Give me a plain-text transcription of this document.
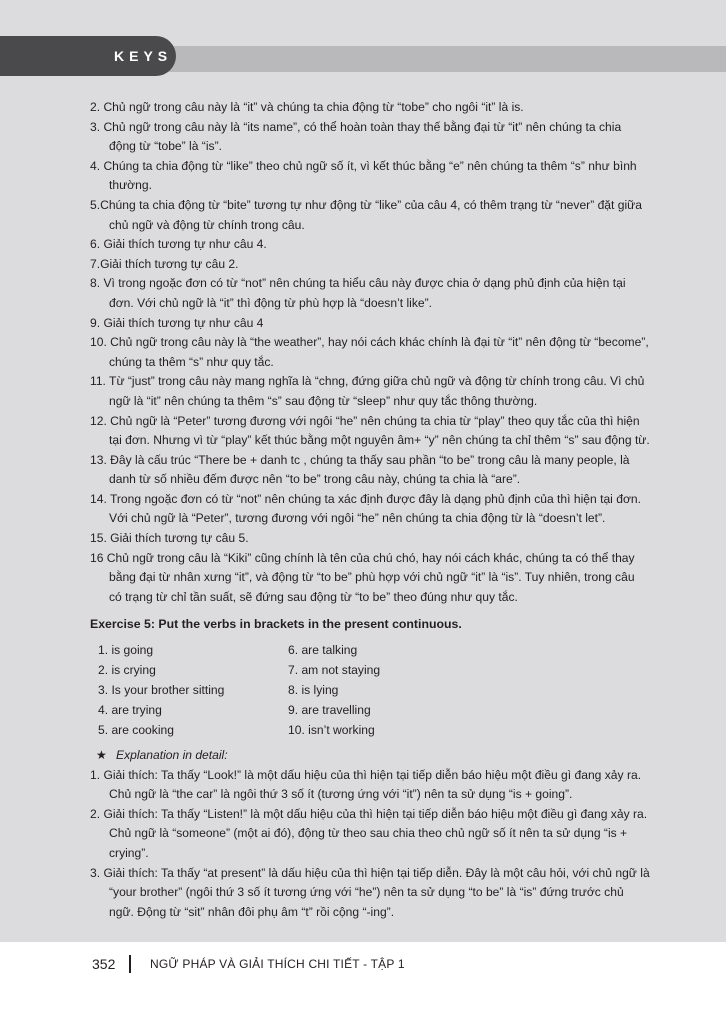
KEYS

2. Chủ ngữ trong câu này là “it” và chúng ta chia động từ “tobe” cho ngôi “it” là is.

3. Chủ ngữ trong câu này là “its name”, có thể hoàn toàn thay thế bằng đại từ “it” nên chúng ta chia động từ “tobe” là “is”.

4. Chúng ta chia động từ “like” theo chủ ngữ số ít, vì kết thúc bằng “e” nên chúng ta thêm “s” như bình thường.

5.Chúng ta chia động từ “bite” tương tự như động từ “like” của câu 4, có thêm trạng từ “never” đặt giữa chủ ngữ và động từ chính trong câu.

6. Giải thích tương tự như câu 4.

7.Giải thích tương tự câu 2.

8. Vì trong ngoặc đơn có từ “not” nên chúng ta hiểu câu này được chia ở dạng phủ định của hiện tại đơn. Với chủ ngữ là “it” thì động từ phù hợp là “doesn’t like”.

9. Giải thích tương tự như câu 4

10. Chủ ngữ trong câu này là “the weather”, hay nói cách khác chính là đại từ “it” nên động từ “become”, chúng ta thêm “s” như quy tắc.

11. Từ “just” trong câu này mang nghĩa là “chng, đứng giữa chủ ngữ và động từ chính trong câu. Vì chủ ngữ là “it” nên chúng ta thêm “s” sau động từ “sleep” như quy tắc thông thường.

12. Chủ ngữ là “Peter” tương đương với ngôi “he” nên chúng ta chia từ “play” theo quy tắc của thì hiện tại đơn. Nhưng vì từ “play” kết thúc bằng một nguyên âm+ “y” nên chúng ta chỉ thêm “s” sau động từ.

13. Đây là cấu trúc “There be + danh tc , chúng ta thấy sau phần “to be” trong câu là many people, là danh từ số nhiều đếm được nên “to be” trong câu này, chúng ta chia là “are”.

14. Trong ngoặc đơn có từ “not” nên chúng ta xác định được đây là dạng phủ định của thì hiện tại đơn. Với chủ ngữ là “Peter”, tương đương với ngôi “he” nên chúng ta chia động từ là “doesn’t let”.

15. Giải thích tương tự câu 5.

16 Chủ ngữ trong câu là “Kiki” cũng chính là tên của chú chó, hay nói cách khác, chúng ta có thể thay bằng đại từ nhân xưng “it”, và động từ “to be” phù hợp với chủ ngữ “it” là “is”. Tuy nhiên, trong câu có trạng từ chỉ tần suất, sẽ đứng sau động từ “to be” theo đúng như quy tắc.

Exercise 5: Put the verbs in brackets in the present continuous.
1. is going	6. are talking
2. is crying	7. am not staying
3. Is your brother sitting	8. is lying
4. are trying	9. are travelling
5. are cooking	10. isn’t working
★ Explanation in detail:

1. Giải thích: Ta thấy “Look!” là một dấu hiệu của thì hiện tại tiếp diễn báo hiệu một điều gì đang xảy ra. Chủ ngữ là “the car” là ngôi thứ 3 số ít (tương ứng với “it”) nên ta sử dụng “is + going”.

2. Giải thích: Ta thấy “Listen!” là một dấu hiệu của thì hiện tại tiếp diễn báo hiệu một điều gì đang xảy ra. Chủ ngữ là “someone” (một ai đó), động từ theo sau chia theo chủ ngữ số ít nên ta sử dụng “is + crying”.

3. Giải thích: Ta thấy “at present” là dấu hiệu của thì hiện tại tiếp diễn. Đây là một câu hỏi, với chủ ngữ là “your brother” (ngôi thứ 3 số ít tương ứng với “he”) nên ta sử dụng “to be” là “is” đứng trước chủ ngữ. Động từ “sit” nhân đôi phụ âm “t” rồi cộng “-ing”.

352	NGỮ PHÁP VÀ GIẢI THÍCH CHI TIẾT - TẬP 1
